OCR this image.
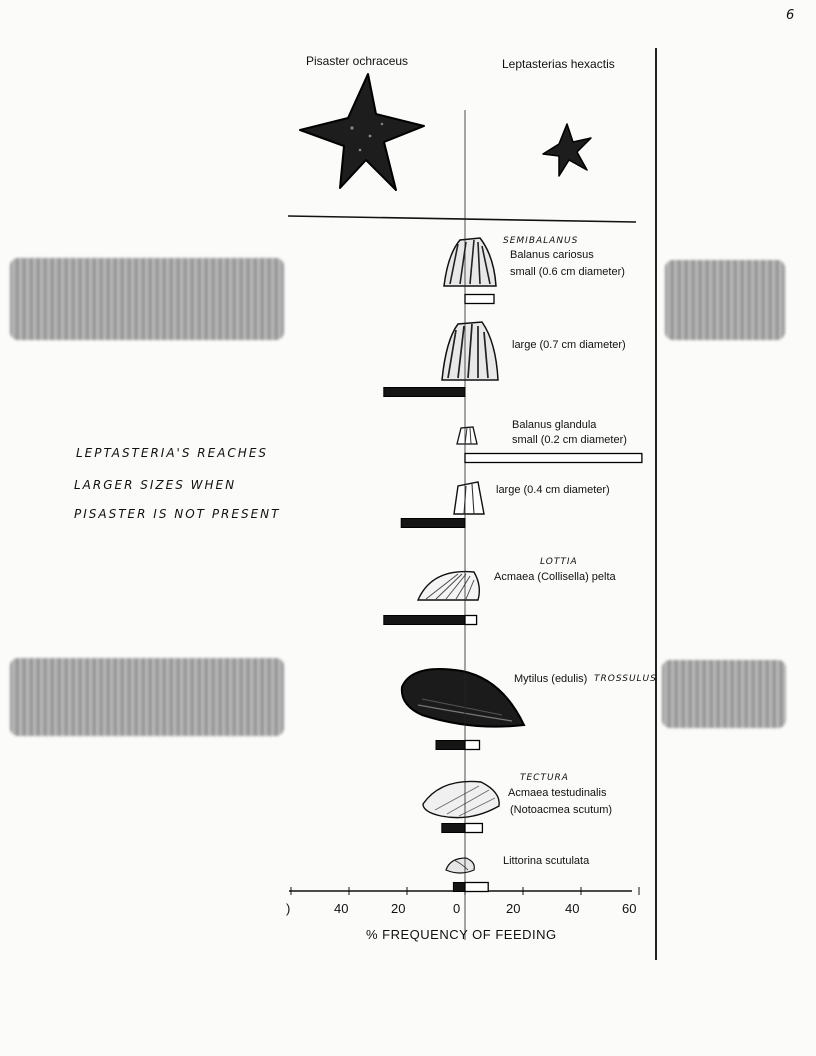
6
LEPTASTERIA'S REACHES
LARGER SIZES WHEN
PISASTER IS NOT PRESENT
Pisaster ochraceus	Leptasterias hexactis
SEMIBALANUS
Balanus cariosus
small (0.6 cm diameter)
large (0.7 cm diameter)
Balanus glandula
small (0.2 cm diameter)
large (0.4 cm diameter)
LOTTIA
Acmaea (Collisella) pelta
Mytilus (edulis) TROSSULUS
TECTURA
Acmaea testudinalis
(Notoacmea scutum)
Littorina scutulata
)	40	20	0	20	40	60
% FREQUENCY OF FEEDING
